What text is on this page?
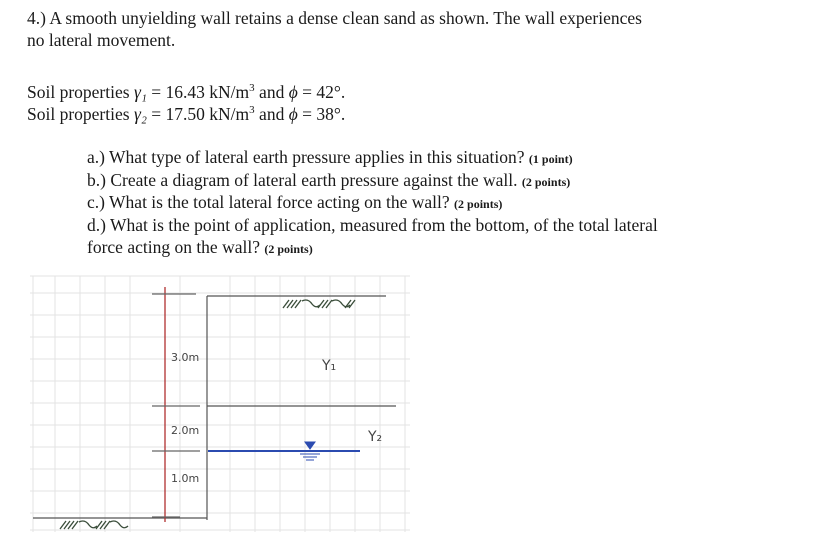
4.) A smooth unyielding wall retains a dense clean sand as shown. The wall experiences

no lateral movement.

Soil properties γ₁ = 16.43 $kN/m^3$ and ϕ = 42°.

Soil properties γ₂ = 17.50 $kN/m^3$ and ϕ = 38°.

a.) What type of lateral earth pressure applies in this situation? (1 point)

b.) Create a diagram of lateral earth pressure against the wall. (2 points)

c.) What is the total lateral force acting on the wall? (2 points)

d.) What is the point of application, measured from the bottom, of the total lateral

force acting on the wall? (2 points)

3.0m
2.0m
1.0m
Y₁
Y₂
